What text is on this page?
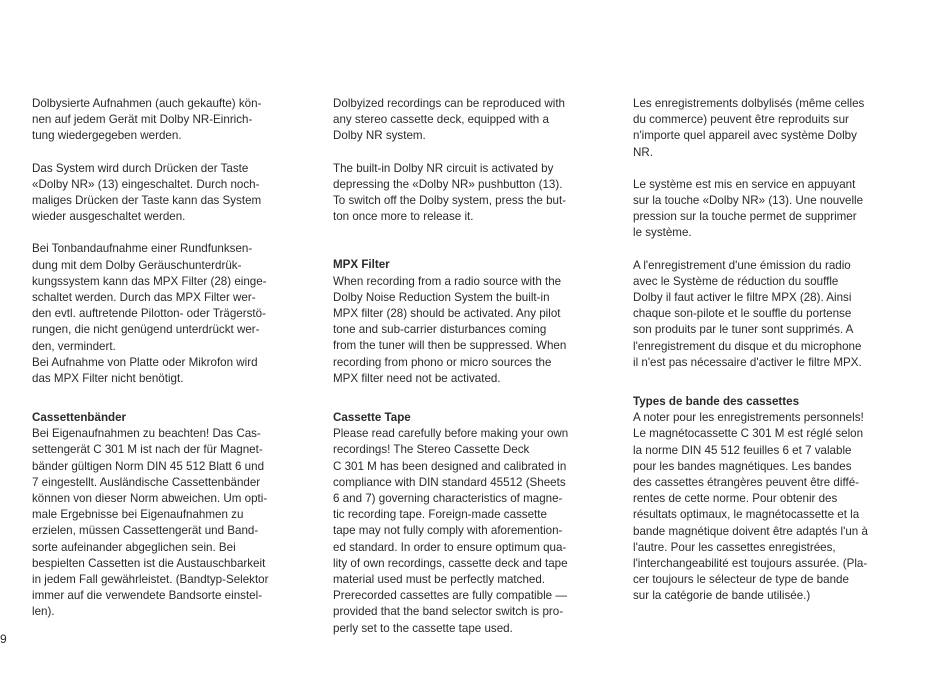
Dolbysierte Aufnahmen (auch gekaufte) kön-
nen auf jedem Gerät mit Dolby NR-Einrich-
tung wiedergegeben werden.

Das System wird durch Drücken der Taste
«Dolby NR» (13) eingeschaltet. Durch noch-
maliges Drücken der Taste kann das System
wieder ausgeschaltet werden.

Bei Tonbandaufnahme einer Rundfunksen-
dung mit dem Dolby Geräuschunterdrük-
kungssystem kann das MPX Filter (28) einge-
schaltet werden. Durch das MPX Filter wer-
den evtl. auftretende Pilotton- oder Trägerstö-
rungen, die nicht genügend unterdrückt wer-
den, vermindert.
Bei Aufnahme von Platte oder Mikrofon wird
das MPX Filter nicht benötigt.

Cassettenbänder

Bei Eigenaufnahmen zu beachten! Das Cas-
settengerät C 301 M ist nach der für Magnet-
bänder gültigen Norm DIN 45 512 Blatt 6 und
7 eingestellt. Ausländische Cassettenbänder
können von dieser Norm abweichen. Um opti-
male Ergebnisse bei Eigenaufnahmen zu
erzielen, müssen Cassettengerät und Band-
sorte aufeinander abgeglichen sein. Bei
bespielten Cassetten ist die Austauschbarkeit
in jedem Fall gewährleistet. (Bandtyp-Selektor
immer auf die verwendete Bandsorte einstel-
len).

Dolbyized recordings can be reproduced with
any stereo cassette deck, equipped with a
Dolby NR system.

The built-in Dolby NR circuit is activated by
depressing the «Dolby NR» pushbutton (13).
To switch off the Dolby system, press the but-
ton once more to release it.

MPX Filter

When recording from a radio source with the
Dolby Noise Reduction System the built-in
MPX filter (28) should be activated. Any pilot
tone and sub-carrier disturbances coming
from the tuner will then be suppressed. When
recording from phono or micro sources the
MPX filter need not be activated.

Cassette Tape

Please read carefully before making your own
recordings! The Stereo Cassette Deck
C 301 M has been designed and calibrated in
compliance with DIN standard 45512 (Sheets
6 and 7) governing characteristics of magne-
tic recording tape. Foreign-made cassette
tape may not fully comply with aforemention-
ed standard. In order to ensure optimum qua-
lity of own recordings, cassette deck and tape
material used must be perfectly matched.
Prerecorded cassettes are fully compatible —
provided that the band selector switch is pro-
perly set to the cassette tape used.

Les enregistrements dolbylisés (même celles
du commerce) peuvent être reproduits sur
n'importe quel appareil avec système Dolby
NR.

Le système est mis en service en appuyant
sur la touche «Dolby NR» (13). Une nouvelle
pression sur la touche permet de supprimer
le système.

A l'enregistrement d'une émission du radio
avec le Système de réduction du souffle
Dolby il faut activer le filtre MPX (28). Ainsi
chaque son-pilote et le souffle du portense
son produits par le tuner sont supprimés. A
l'enregistrement du disque et du microphone
il n'est pas nécessaire d'activer le filtre MPX.

Types de bande des cassettes

A noter pour les enregistrements personnels!
Le magnétocassette C 301 M est réglé selon
la norme DIN 45 512 feuilles 6 et 7 valable
pour les bandes magnétiques. Les bandes
des cassettes étrangères peuvent être diffé-
rentes de cette norme. Pour obtenir des
résultats optimaux, le magnétocassette et la
bande magnétique doivent être adaptés l'un à
l'autre. Pour les cassettes enregistrées,
l'interchangeabilité est toujours assurée. (Pla-
cer toujours le sélecteur de type de bande
sur la catégorie de bande utilisée.)

9
